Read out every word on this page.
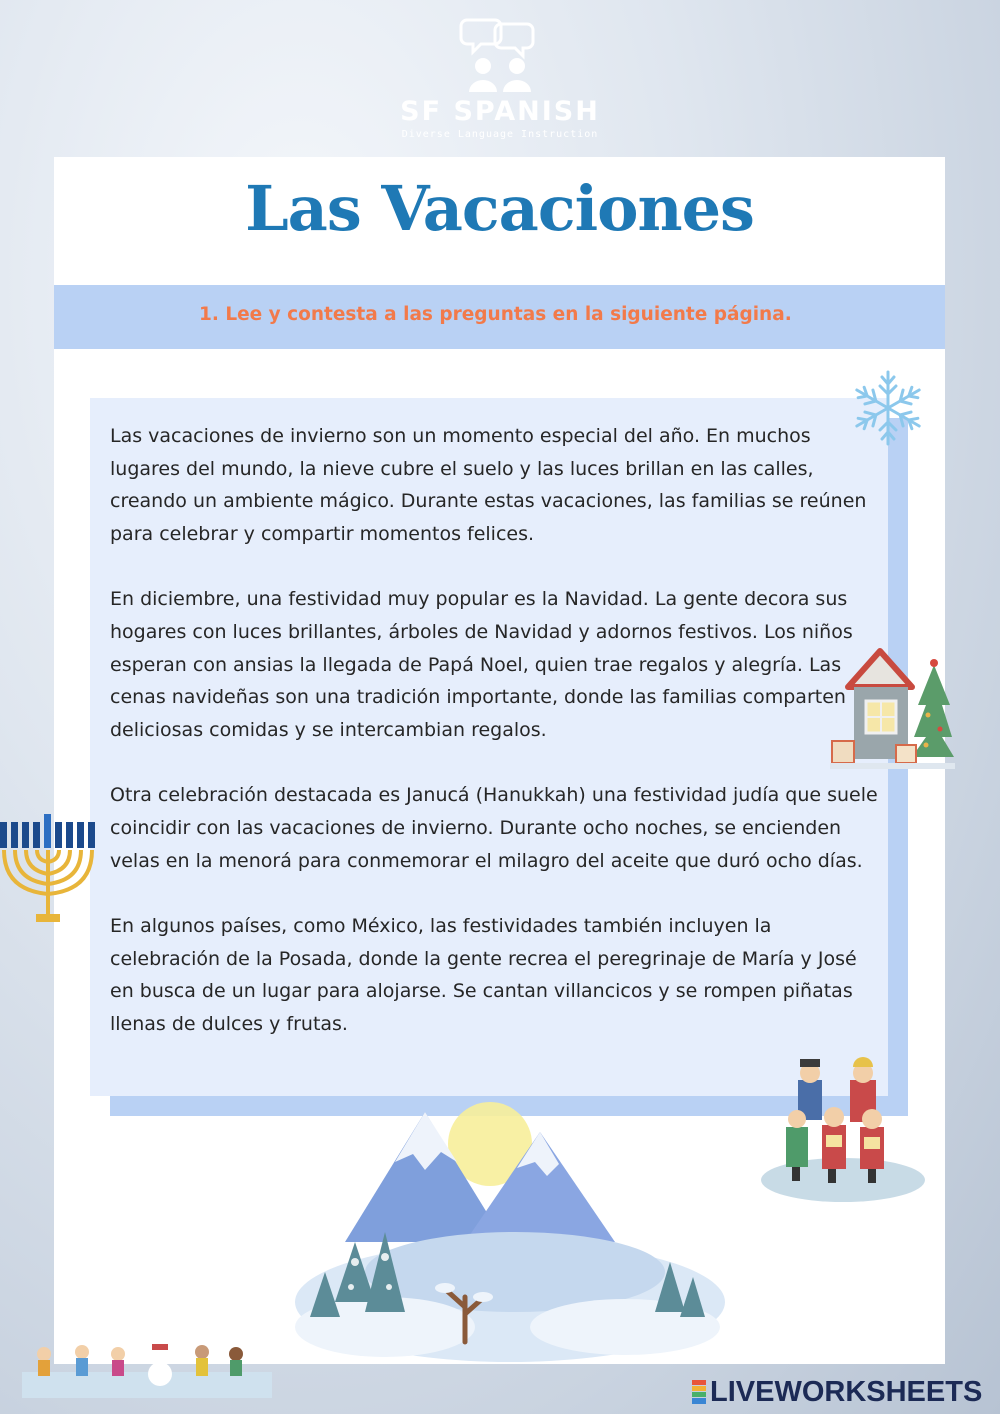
SF SPANISH
Diverse Language Instruction
Las Vacaciones
1. Lee y contesta a las preguntas en la siguiente página.

Las vacaciones de invierno son un momento especial del año. En muchos lugares del mundo, la nieve cubre el suelo y las luces brillan en las calles, creando un ambiente mágico. Durante estas vacaciones, las familias se reúnen para celebrar y compartir momentos felices.

En diciembre, una festividad muy popular es la Navidad. La gente decora sus hogares con luces brillantes, árboles de Navidad y adornos festivos. Los niños esperan con ansias la llegada de Papá Noel, quien trae regalos y alegría. Las cenas navideñas son una tradición importante, donde las familias comparten deliciosas comidas y se intercambian regalos.

Otra celebración destacada es Janucá (Hanukkah) una festividad judía que suele coincidir con las vacaciones de invierno. Durante ocho noches, se encienden velas en la menorá para conmemorar el milagro del aceite que duró ocho días.

En algunos países, como México, las festividades también incluyen la celebración de la Posada, donde la gente recrea el peregrinaje de María y José en busca de un lugar para alojarse. Se cantan villancicos y se rompen piñatas llenas de dulces y frutas.

LIVEWORKSHEETS
